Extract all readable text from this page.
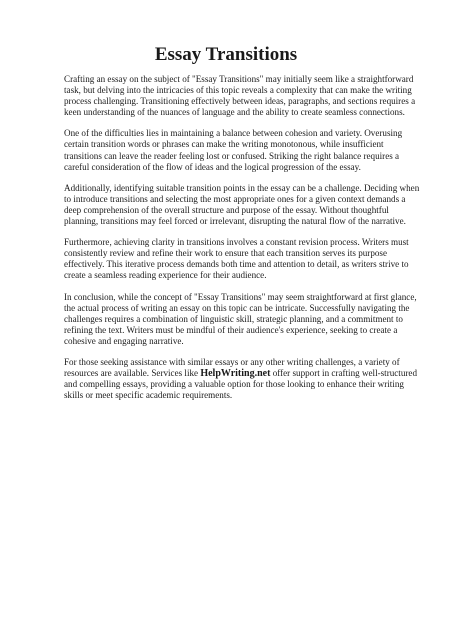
Essay Transitions

Crafting an essay on the subject of "Essay Transitions" may initially seem like a straightforward task, but delving into the intricacies of this topic reveals a complexity that can make the writing process challenging. Transitioning effectively between ideas, paragraphs, and sections requires a keen understanding of the nuances of language and the ability to create seamless connections.

One of the difficulties lies in maintaining a balance between cohesion and variety. Overusing certain transition words or phrases can make the writing monotonous, while insufficient transitions can leave the reader feeling lost or confused. Striking the right balance requires a careful consideration of the flow of ideas and the logical progression of the essay.

Additionally, identifying suitable transition points in the essay can be a challenge. Deciding when to introduce transitions and selecting the most appropriate ones for a given context demands a deep comprehension of the overall structure and purpose of the essay. Without thoughtful planning, transitions may feel forced or irrelevant, disrupting the natural flow of the narrative.

Furthermore, achieving clarity in transitions involves a constant revision process. Writers must consistently review and refine their work to ensure that each transition serves its purpose effectively. This iterative process demands both time and attention to detail, as writers strive to create a seamless reading experience for their audience.

In conclusion, while the concept of "Essay Transitions" may seem straightforward at first glance, the actual process of writing an essay on this topic can be intricate. Successfully navigating the challenges requires a combination of linguistic skill, strategic planning, and a commitment to refining the text. Writers must be mindful of their audience's experience, seeking to create a cohesive and engaging narrative.

For those seeking assistance with similar essays or any other writing challenges, a variety of resources are available. Services like HelpWriting.net offer support in crafting well-structured and compelling essays, providing a valuable option for those looking to enhance their writing skills or meet specific academic requirements.
